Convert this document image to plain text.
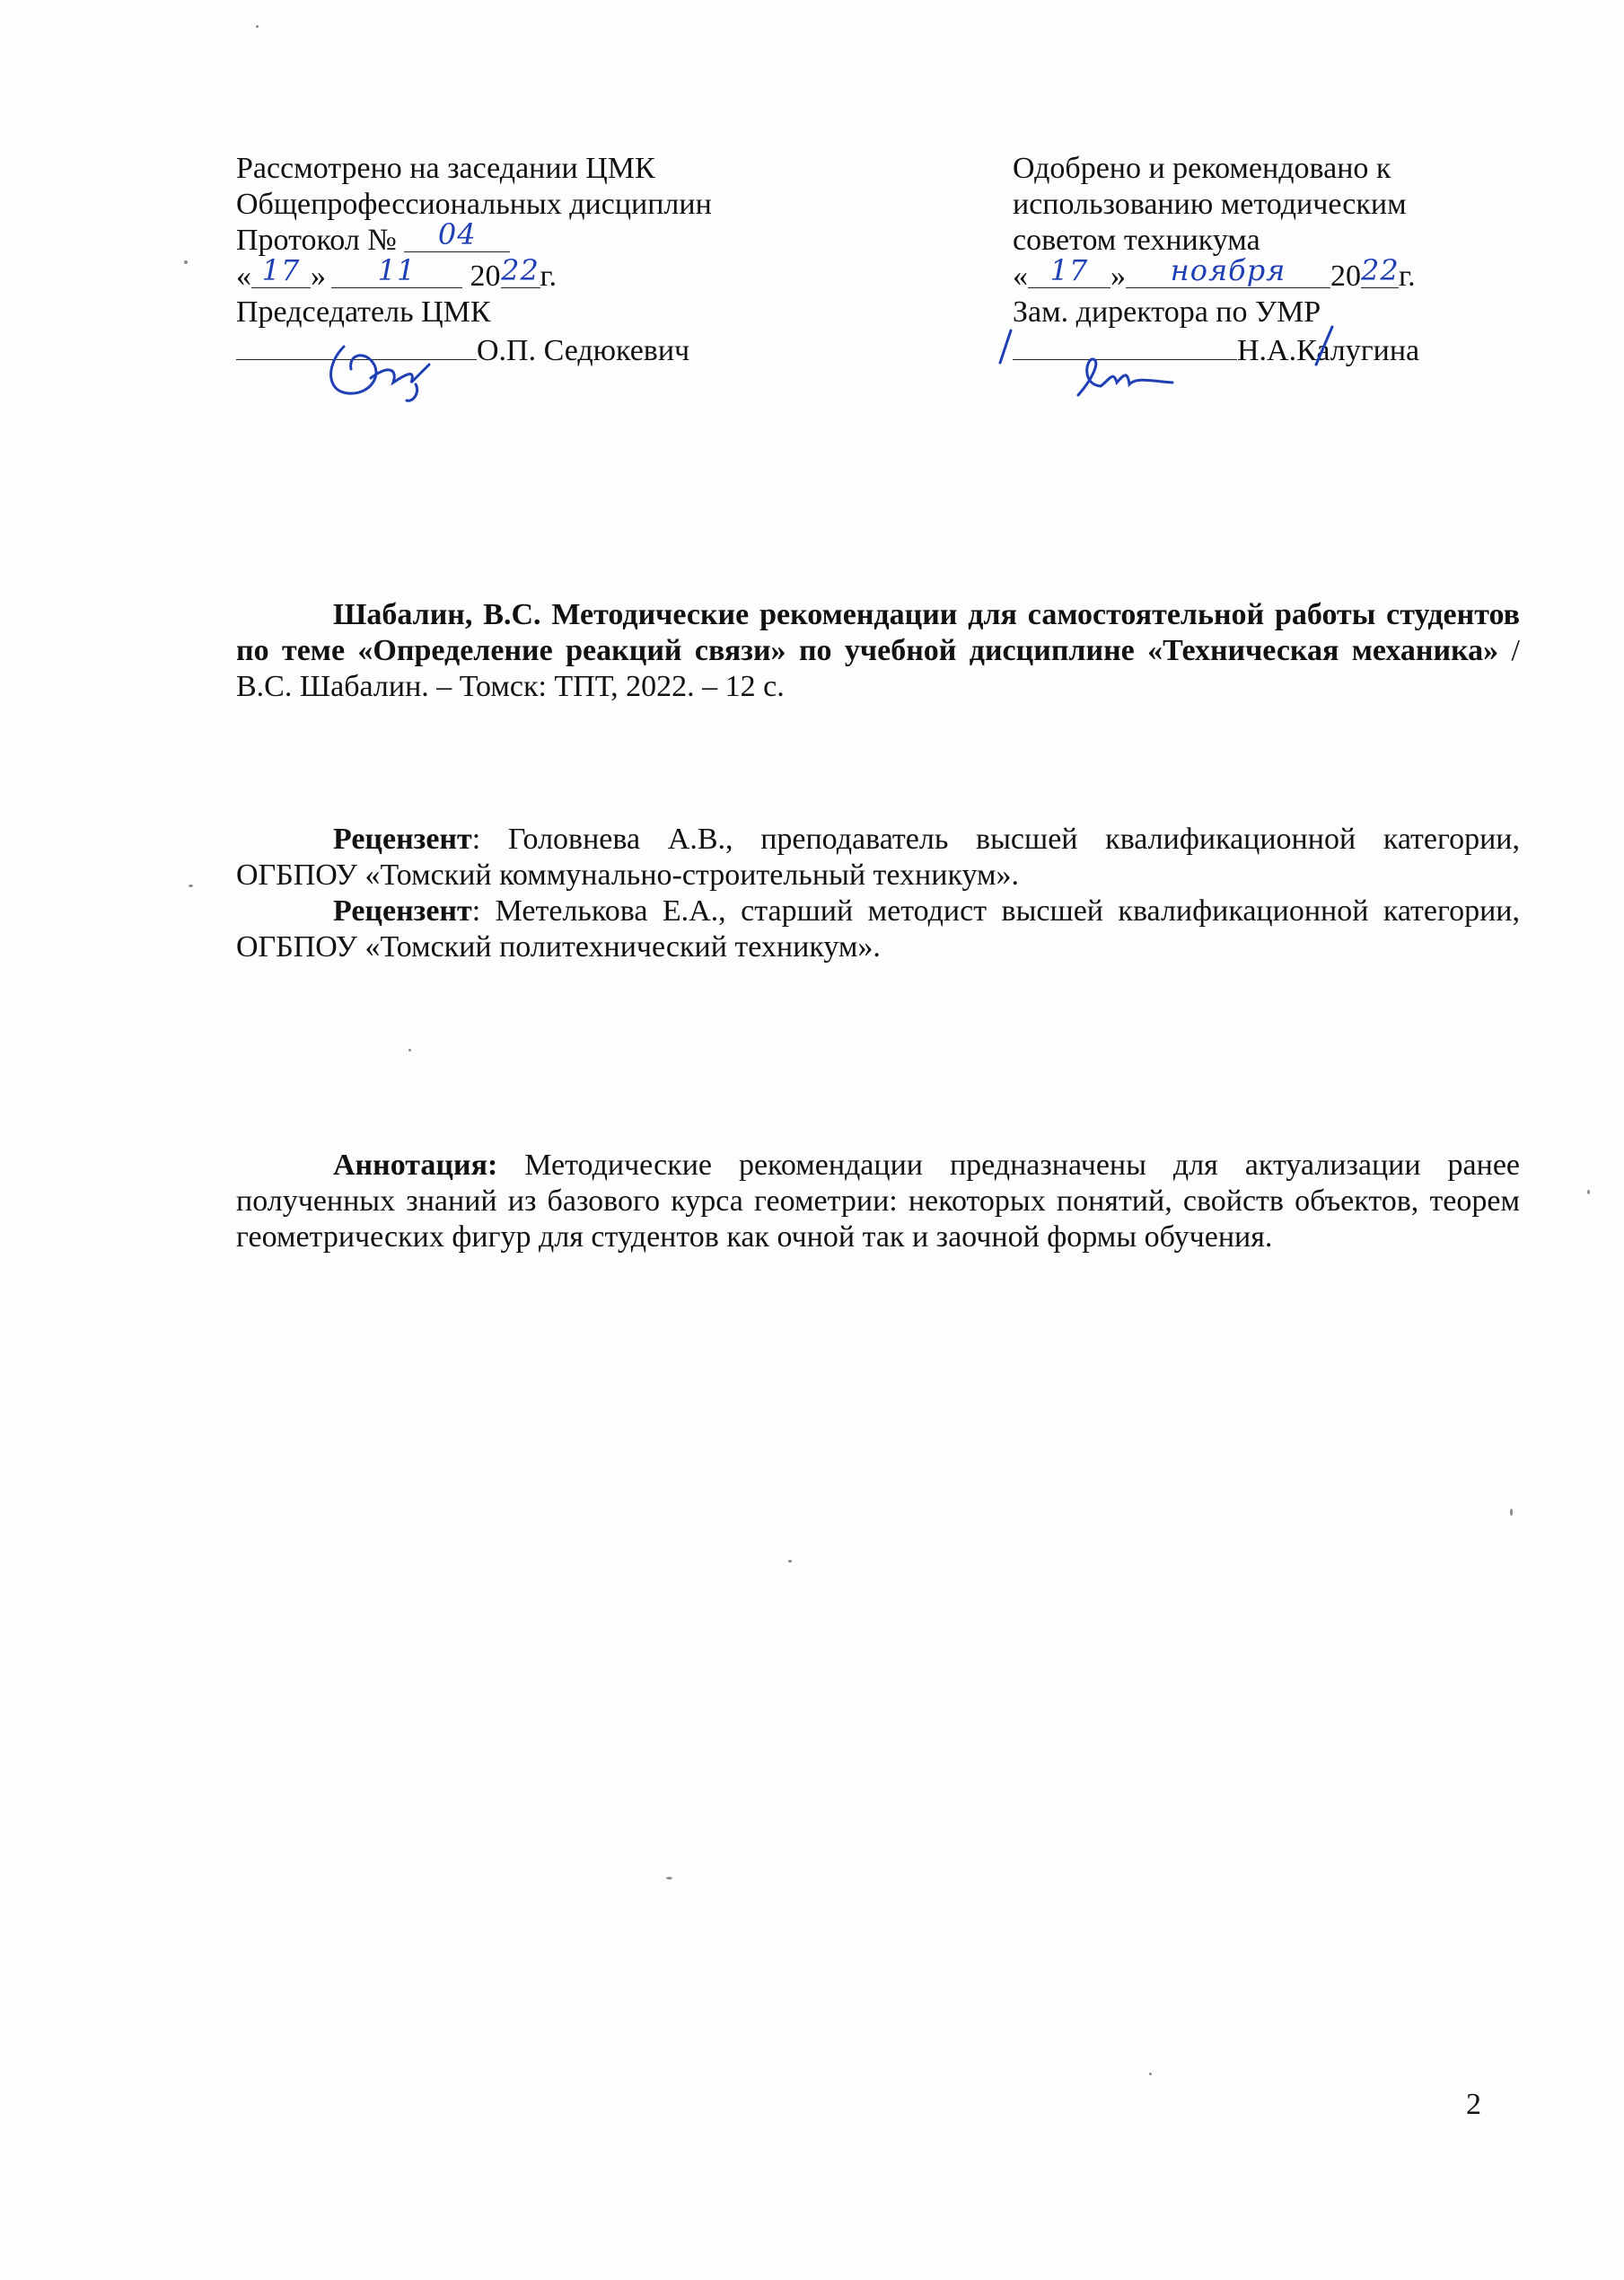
Рассмотрено на заседании ЦМК
Общепрофессиональных дисциплин
Протокол № 04
« 17 » 11 2022г.
Председатель ЦМК
О.П. Седюкевич
Одобрено и рекомендовано к
использованию методическим
советом техникума
« 17 » ноября 2022г.
Зам. директора по УМР
Н.А.Калугина
Шабалин, В.С. Методические рекомендации для самостоятельной работы студентов по теме «Определение реакций связи» по учебной дисциплине «Техническая механика» / В.С. Шабалин. – Томск: ТПТ, 2022. – 12 с.

Рецензент: Головнева А.В., преподаватель высшей квалификационной категории, ОГБПОУ «Томский коммунально-строительный техникум».

Рецензент: Метелькова Е.А., старший методист высшей квалификационной категории, ОГБПОУ «Томский политехнический техникум».

Аннотация: Методические рекомендации предназначены для актуализации ранее полученных знаний из базового курса геометрии: некоторых понятий, свойств объектов, теорем геометрических фигур для студентов как очной так и заочной формы обучения.
2
